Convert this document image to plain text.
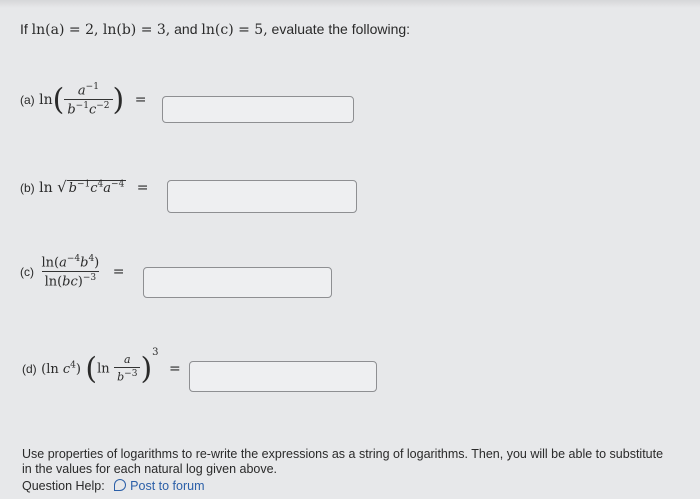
If ln(a) = 2, ln(b) = 3, and ln(c) = 5, evaluate the following:
(a) $\ln( \frac{a^{-1}}{b^{-1}c^{-2}}$ ) =
(b) ln √ $b^{-1}c^4a^{-4}$ =
$(c) \frac{\ln(a^{-4}b^4)}{\ln(bc)^{-3}}$ =
(d) (ln $c^4$) $(\ln \frac{a}{b^{-3}} )^3$ =
Use properties of logarithms to re-write the expressions as a string of logarithms. Then, you will be able to substitute in the values for each natural log given above.
Question Help: Post to forum
